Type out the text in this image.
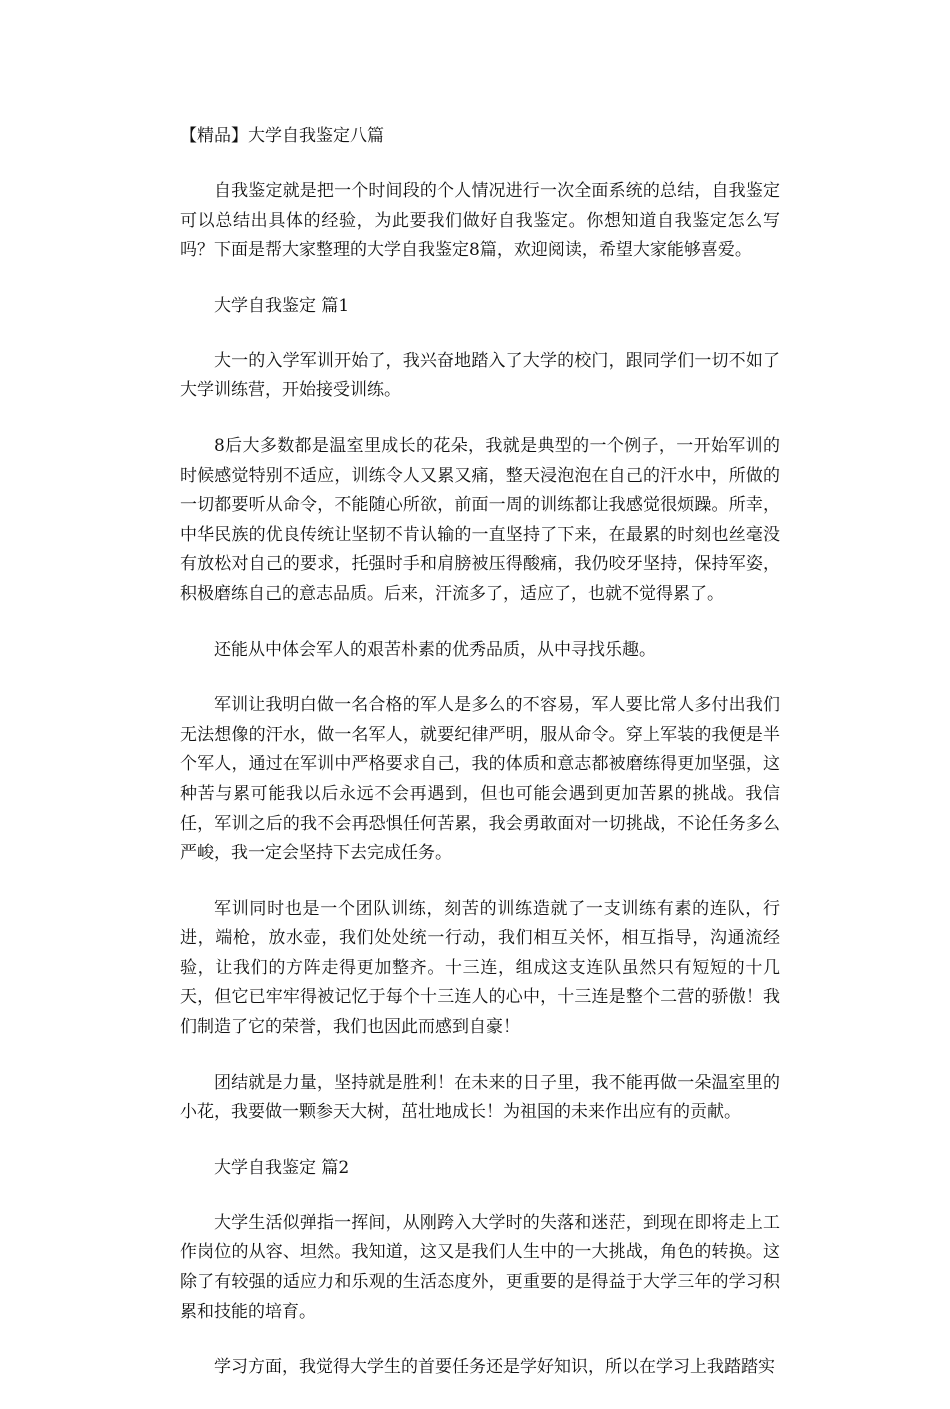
【精品】大学自我鉴定八篇

自我鉴定就是把一个时间段的个人情况进行一次全面系统的总结，自我鉴定可以总结出具体的经验，为此要我们做好自我鉴定。你想知道自我鉴定怎么写吗？下面是帮大家整理的大学自我鉴定8篇，欢迎阅读，希望大家能够喜爱。

大学自我鉴定 篇1

大一的入学军训开始了，我兴奋地踏入了大学的校门，跟同学们一切不如了大学训练营，开始接受训练。

8后大多数都是温室里成长的花朵，我就是典型的一个例子，一开始军训的时候感觉特别不适应，训练令人又累又痛，整天浸泡泡在自己的汗水中，所做的一切都要听从命令，不能随心所欲，前面一周的训练都让我感觉很烦躁。所幸，中华民族的优良传统让坚韧不肯认输的一直坚持了下来，在最累的时刻也丝毫没有放松对自己的要求，托强时手和肩膀被压得酸痛，我仍咬牙坚持，保持军姿，积极磨练自己的意志品质。后来，汗流多了，适应了，也就不觉得累了。

还能从中体会军人的艰苦朴素的优秀品质，从中寻找乐趣。

军训让我明白做一名合格的军人是多么的不容易，军人要比常人多付出我们无法想像的汗水，做一名军人，就要纪律严明，服从命令。穿上军装的我便是半个军人，通过在军训中严格要求自己，我的体质和意志都被磨练得更加坚强，这种苦与累可能我以后永远不会再遇到，但也可能会遇到更加苦累的挑战。我信任，军训之后的我不会再恐惧任何苦累，我会勇敢面对一切挑战，不论任务多么严峻，我一定会坚持下去完成任务。

军训同时也是一个团队训练，刻苦的训练造就了一支训练有素的连队，行进，端枪，放水壶，我们处处统一行动，我们相互关怀，相互指导，沟通流经验，让我们的方阵走得更加整齐。十三连，组成这支连队虽然只有短短的十几天，但它已牢牢得被记忆于每个十三连人的心中，十三连是整个二营的骄傲！我们制造了它的荣誉，我们也因此而感到自豪！

团结就是力量，坚持就是胜利！在未来的日子里，我不能再做一朵温室里的小花，我要做一颗参天大树，茁壮地成长！为祖国的未来作出应有的贡献。

大学自我鉴定 篇2

大学生活似弹指一挥间，从刚跨入大学时的失落和迷茫，到现在即将走上工作岗位的从容、坦然。我知道，这又是我们人生中的一大挑战，角色的转换。这除了有较强的适应力和乐观的生活态度外，更重要的是得益于大学三年的学习积累和技能的培育。

学习方面，我觉得大学生的首要任务还是学好知识，所以在学习上我踏踏实
